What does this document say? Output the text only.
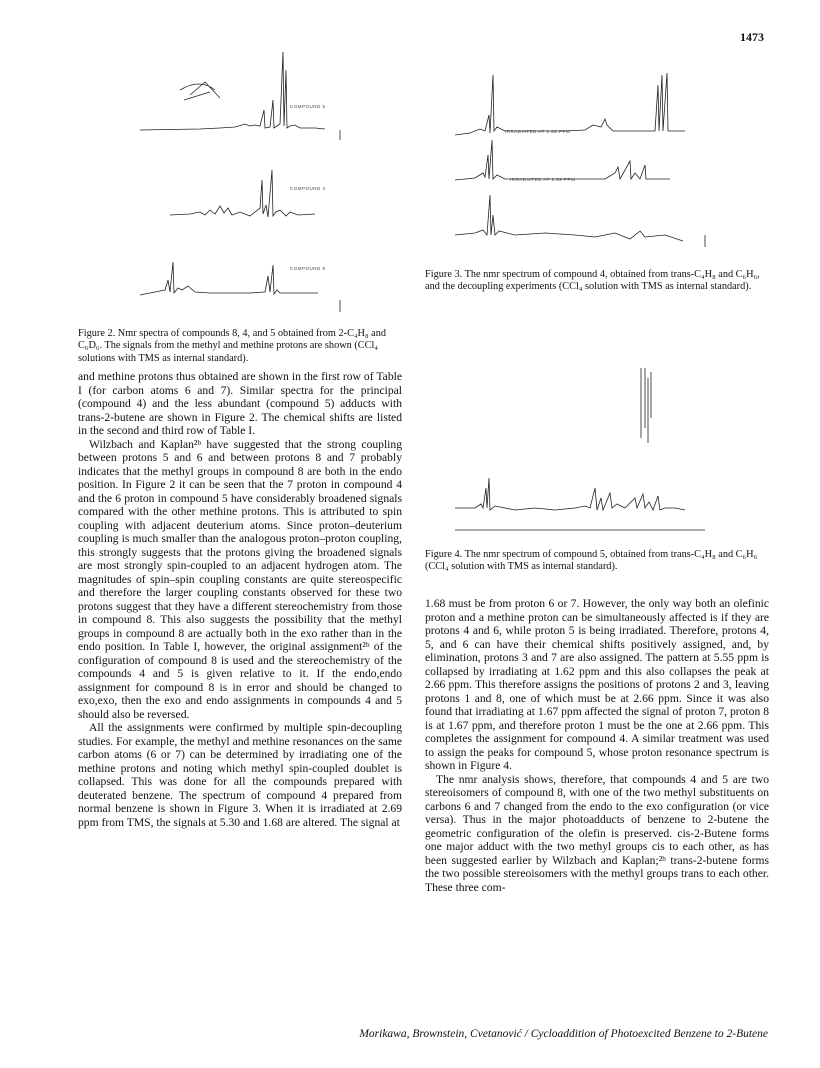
1473
COMPOUND 5
COMPOUND 4
COMPOUND 8
Figure 2. Nmr spectra of compounds 8, 4, and 5 obtained from 2-C₄H₈ and C₆D₆. The signals from the methyl and methine protons are shown (CCl₄ solutions with TMS as internal standard).
IRRADIATED AT 1.62 PPM
IRRADIATED AT 2.69 PPM
Figure 3. The nmr spectrum of compound 4, obtained from trans-C₄H₈ and C₆H₆, and the decoupling experiments (CCl₄ solution with TMS as internal standard).
Figure 4. The nmr spectrum of compound 5, obtained from trans-C₄H₈ and C₆H₆ (CCl₄ solution with TMS as internal standard).

and methine protons thus obtained are shown in the first row of Table I (for carbon atoms 6 and 7). Similar spectra for the principal (compound 4) and the less abundant (compound 5) adducts with trans-2-butene are shown in Figure 2. The chemical shifts are listed in the second and third row of Table I.

Wilzbach and Kaplan²ᵇ have suggested that the strong coupling between protons 5 and 6 and between protons 8 and 7 probably indicates that the methyl groups in compound 8 are both in the endo position. In Figure 2 it can be seen that the 7 proton in compound 4 and the 6 proton in compound 5 have considerably broadened signals compared with the other methine protons. This is attributed to spin coupling with adjacent deuterium atoms. Since proton–deuterium coupling is much smaller than the analogous proton–proton coupling, this strongly suggests that the protons giving the broadened signals are most strongly spin-coupled to an adjacent hydrogen atom. The magnitudes of spin–spin coupling constants are quite stereospecific and therefore the larger coupling constants observed for these two protons suggest that they have a different stereochemistry from those in compound 8. This also suggests the possibility that the methyl groups in compound 8 are actually both in the exo rather than in the endo position. In Table I, however, the original assignment²ᵇ of the configuration of compound 8 is used and the stereochemistry of the compounds 4 and 5 is given relative to it. If the endo,endo assignment for compound 8 is in error and should be changed to exo,exo, then the exo and endo assignments in compounds 4 and 5 should also be reversed.

All the assignments were confirmed by multiple spin-decoupling studies. For example, the methyl and methine resonances on the same carbon atoms (6 or 7) can be determined by irradiating one of the methine protons and noting which methyl spin-coupled doublet is collapsed. This was done for all the compounds prepared with deuterated benzene. The spectrum of compound 4 prepared from normal benzene is shown in Figure 3. When it is irradiated at 2.69 ppm from TMS, the signals at 5.30 and 1.68 are altered. The signal at

1.68 must be from proton 6 or 7. However, the only way both an olefinic proton and a methine proton can be simultaneously affected is if they are protons 4 and 6, while proton 5 is being irradiated. Therefore, protons 4, 5, and 6 can have their chemical shifts positively assigned, and, by elimination, protons 3 and 7 are also assigned. The pattern at 5.55 ppm is collapsed by irradiating at 1.62 ppm and this also collapses the peak at 2.66 ppm. This therefore assigns the positions of protons 2 and 3, leaving protons 1 and 8, one of which must be at 2.66 ppm. Since it was also found that irradiating at 1.67 ppm affected the signal of proton 7, proton 8 is at 1.67 ppm, and therefore proton 1 must be the one at 2.66 ppm. This completes the assignment for compound 4. A similar treatment was used to assign the peaks for compound 5, whose proton resonance spectrum is shown in Figure 4.

The nmr analysis shows, therefore, that compounds 4 and 5 are two stereoisomers of compound 8, with one of the two methyl substituents on carbons 6 and 7 changed from the endo to the exo configuration (or vice versa). Thus in the major photoadducts of benzene to 2-butene the geometric configuration of the olefin is preserved. cis-2-Butene forms one major adduct with the two methyl groups cis to each other, as has been suggested earlier by Wilzbach and Kaplan;²ᵇ trans-2-butene forms the two possible stereoisomers with the methyl groups trans to each other. These three com-

Morikawa, Brownstein, Cvetanović / Cycloaddition of Photoexcited Benzene to 2-Butene
